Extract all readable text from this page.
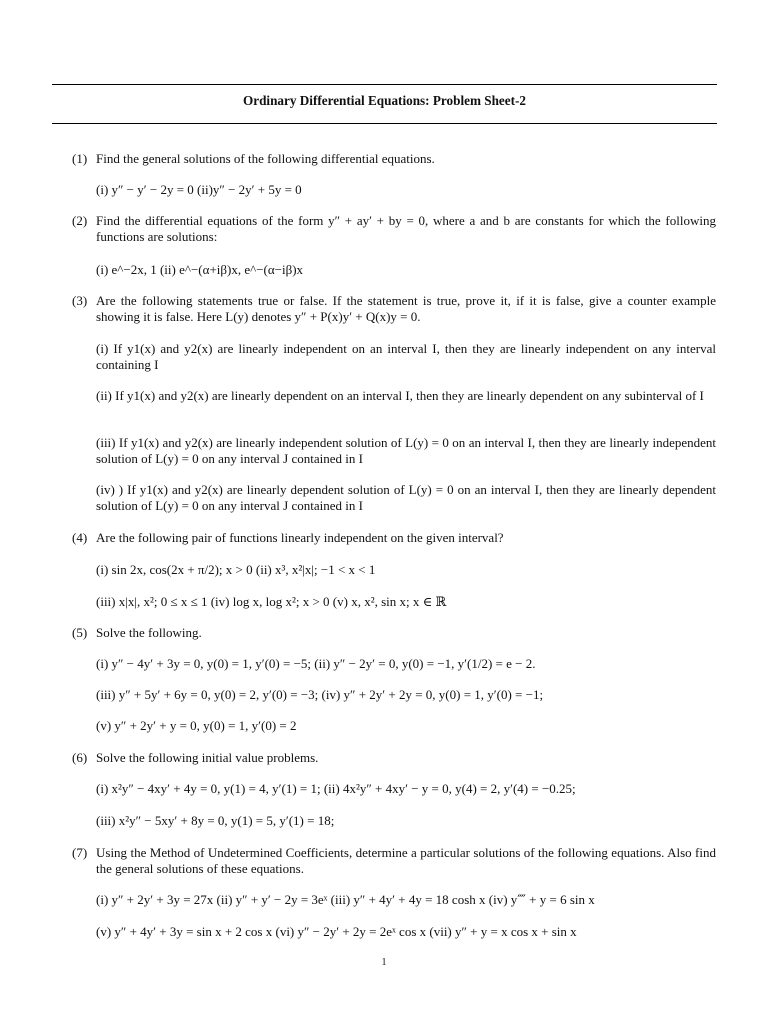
Ordinary Differential Equations: Problem Sheet-2
(1) Find the general solutions of the following differential equations.
(i) y″ − y′ − 2y = 0 (ii)y″ − 2y′ + 5y = 0
(2) Find the differential equations of the form y″ + ay′ + by = 0, where a and b are constants for which the following functions are solutions:
(i) e^−2x, 1 (ii) e^−(α+iβ)x, e^−(α−iβ)x
(3) Are the following statements true or false. If the statement is true, prove it, if it is false, give a counter example showing it is false. Here L(y) denotes y″ + P(x)y′ + Q(x)y = 0.
(i) If y1(x) and y2(x) are linearly independent on an interval I, then they are linearly independent on any interval containing I
(ii) If y1(x) and y2(x) are linearly dependent on an interval I, then they are linearly dependent on any subinterval of I
(iii) If y1(x) and y2(x) are linearly independent solution of L(y) = 0 on an interval I, then they are linearly independent solution of L(y) = 0 on any interval J contained in I
(iv) ) If y1(x) and y2(x) are linearly dependent solution of L(y) = 0 on an interval I, then they are linearly dependent solution of L(y) = 0 on any interval J contained in I
(4) Are the following pair of functions linearly independent on the given interval?
(i) sin 2x, cos(2x + π/2); x > 0 (ii) x³, x²|x|; −1 < x < 1
(iii) x|x|, x²; 0 ≤ x ≤ 1 (iv) log x, log x²; x > 0 (v) x, x², sin x; x ∈ ℝ
(5) Solve the following.
(i) y″ − 4y′ + 3y = 0, y(0) = 1, y′(0) = −5; (ii) y″ − 2y′ = 0, y(0) = −1, y′(1/2) = e − 2.
(iii) y″ + 5y′ + 6y = 0, y(0) = 2, y′(0) = −3; (iv) y″ + 2y′ + 2y = 0, y(0) = 1, y′(0) = −1;
(v) y″ + 2y′ + y = 0, y(0) = 1, y′(0) = 2
(6) Solve the following initial value problems.
(i) x²y″ − 4xy′ + 4y = 0, y(1) = 4, y′(1) = 1; (ii) 4x²y″ + 4xy′ − y = 0, y(4) = 2, y′(4) = −0.25;
(iii) x²y″ − 5xy′ + 8y = 0, y(1) = 5, y′(1) = 18;
(7) Using the Method of Undetermined Coefficients, determine a particular solutions of the following equations. Also find the general solutions of these equations.
(i) y″ + 2y′ + 3y = 27x (ii) y″ + y′ − 2y = 3eˣ (iii) y″ + 4y′ + 4y = 18 cosh x (iv) y⁗ + y = 6 sin x
(v) y″ + 4y′ + 3y = sin x + 2 cos x (vi) y″ − 2y′ + 2y = 2eˣ cos x (vii) y″ + y = x cos x + sin x
1
